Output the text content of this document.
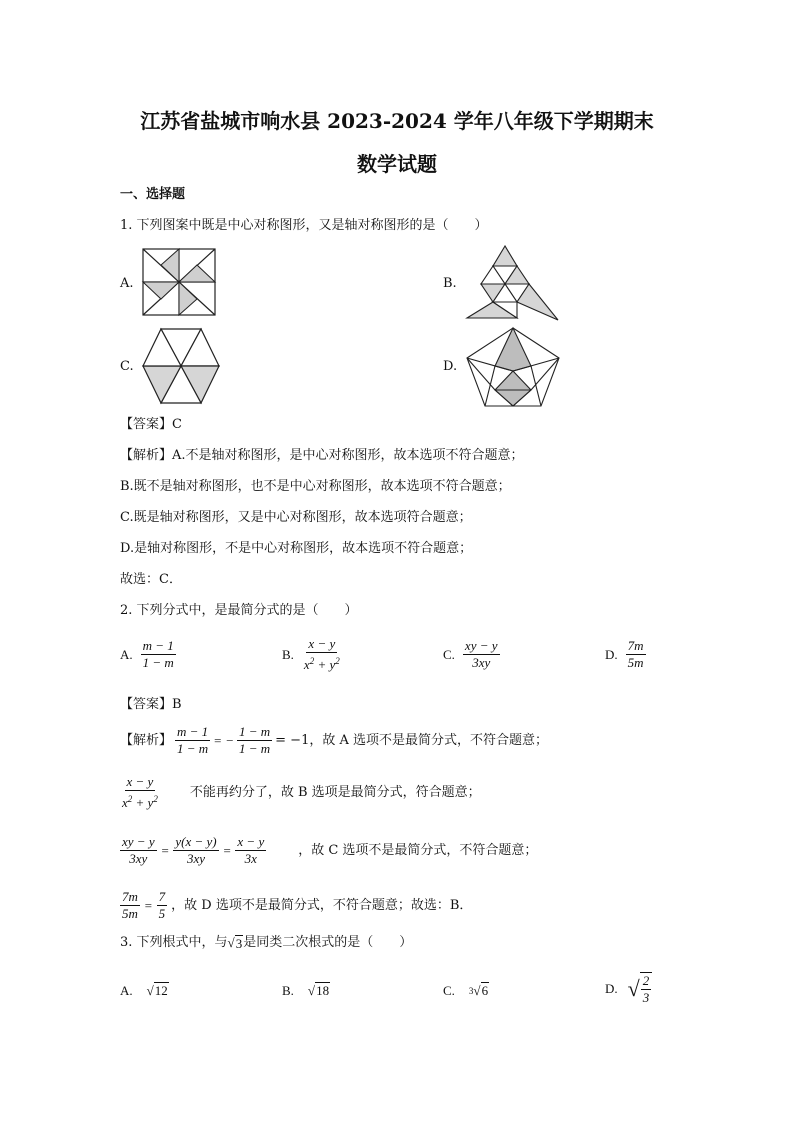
江苏省盐城市响水县 2023-2024 学年八年级下学期期末
数学试题
一、选择题
1. 下列图案中既是中心对称图形，又是轴对称图形的是（　　）
A.	B.
C.	D.
【答案】C
【解析】A.不是轴对称图形，是中心对称图形，故本选项不符合题意；
B.既不是轴对称图形，也不是中心对称图形，故本选项不符合题意；
C.既是轴对称图形，又是中心对称图形，故本选项符合题意；
D.是轴对称图形，不是中心对称图形，故本选项不符合题意；
故选：C．
2. 下列分式中，是最简分式的是（　　）
A. $\frac{m - 1}{1 - m}$	B. $\frac{x - y}{x^2 + y^2}$	C. $\frac{xy - y}{3xy}$	D. $\frac{7m}{5m}$
【答案】B
【解析】 $\frac{m - 1}{1 - m}$ = − $\frac{1 - m}{1 - m} = -1$，故 A 选项不是最简分式，不符合题意；
$\frac{x - y}{x^2 + y^2}$ 不能再约分了，故 B 选项是最简分式，符合题意；
$\frac{xy - y}{3xy} = \frac{y(x - y)}{3xy} = \frac{x - y}{3x}$ ，故 C 选项不是最简分式，不符合题意；
$\frac{7m}{5m} = \frac{7}{5}$ ，故 D 选项不是最简分式，不符合题意；故选：B．
3. 下列根式中，与 √ 3 是同类二次根式的是（　　）
A. √ 12	B. √ 18	C. 3 √ 6	D. √ $\frac{2}{3}$
